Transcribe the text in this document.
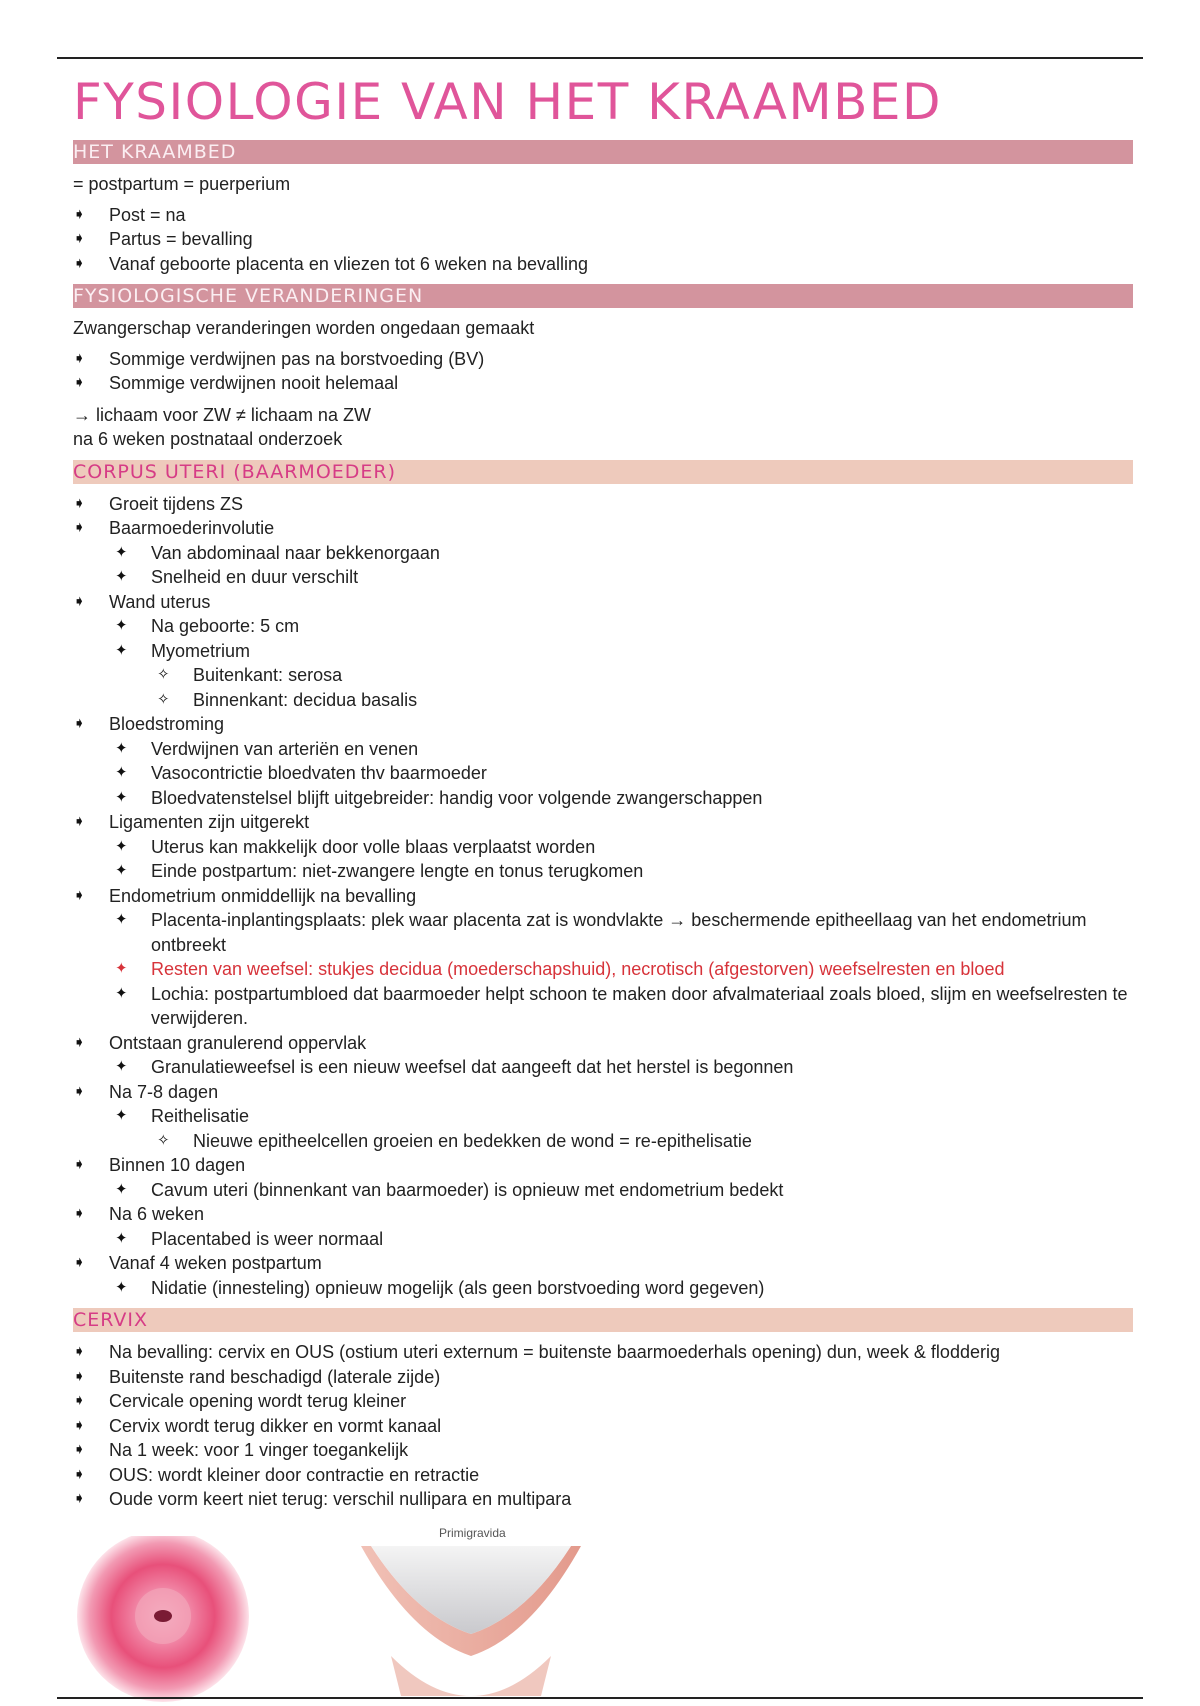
FYSIOLOGIE VAN HET KRAAMBED
HET KRAAMBED
= postpartum = puerperium
➧ Post = na
➧ Partus = bevalling
➧ Vanaf geboorte placenta en vliezen tot 6 weken na bevalling
FYSIOLOGISCHE VERANDERINGEN
Zwangerschap veranderingen worden ongedaan gemaakt
➧ Sommige verdwijnen pas na borstvoeding (BV)
➧ Sommige verdwijnen nooit helemaal
→ lichaam voor ZW ≠ lichaam na ZW
na 6 weken postnataal onderzoek
CORPUS UTERI (BAARMOEDER)
➧ Groeit tijdens ZS
➧ Baarmoederinvolutie
✦ Van abdominaal naar bekkenorgaan
✦ Snelheid en duur verschilt
➧ Wand uterus
✦ Na geboorte: 5 cm
✦ Myometrium
✧ Buitenkant: serosa
✧ Binnenkant: decidua basalis
➧ Bloedstroming
✦ Verdwijnen van arteriën en venen
✦ Vasocontrictie bloedvaten thv baarmoeder
✦ Bloedvatenstelsel blijft uitgebreider: handig voor volgende zwangerschappen
➧ Ligamenten zijn uitgerekt
✦ Uterus kan makkelijk door volle blaas verplaatst worden
✦ Einde postpartum: niet-zwangere lengte en tonus terugkomen
➧ Endometrium onmiddellijk na bevalling
✦ Placenta-inplantingsplaats: plek waar placenta zat is wondvlakte → beschermende epitheellaag van het endometrium ontbreekt
✦ Resten van weefsel: stukjes decidua (moederschapshuid), necrotisch (afgestorven) weefselresten en bloed
✦ Lochia: postpartumbloed dat baarmoeder helpt schoon te maken door afvalmateriaal zoals bloed, slijm en weefselresten te verwijderen.
➧ Ontstaan granulerend oppervlak
✦ Granulatieweefsel is een nieuw weefsel dat aangeeft dat het herstel is begonnen
➧ Na 7-8 dagen
✦ Reithelisatie
✧ Nieuwe epitheelcellen groeien en bedekken de wond = re-epithelisatie
➧ Binnen 10 dagen
✦ Cavum uteri (binnenkant van baarmoeder) is opnieuw met endometrium bedekt
➧ Na 6 weken
✦ Placentabed is weer normaal
➧ Vanaf 4 weken postpartum
✦ Nidatie (innesteling) opnieuw mogelijk (als geen borstvoeding word gegeven)
CERVIX
➧ Na bevalling: cervix en OUS (ostium uteri externum = buitenste baarmoederhals opening) dun, week & flodderig
➧ Buitenste rand beschadigd (laterale zijde)
➧ Cervicale opening wordt terug kleiner
➧ Cervix wordt terug dikker en vormt kanaal
➧ Na 1 week: voor 1 vinger toegankelijk
➧ OUS: wordt kleiner door contractie en retractie
➧ Oude vorm keert niet terug: verschil nullipara en multipara
Primigravida
